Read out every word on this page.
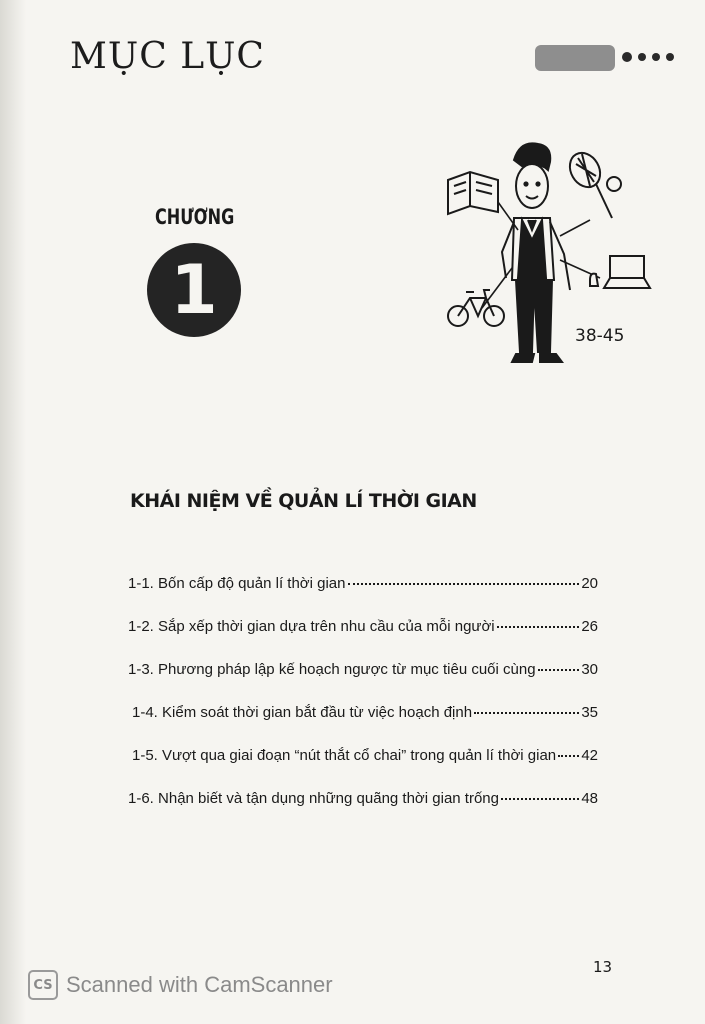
MỤC LỤC

CHƯƠNG
1
38-45
KHÁI NIỆM VỀ QUẢN LÍ THỜI GIAN
1-1. Bốn cấp độ quản lí thời gian	20
1-2. Sắp xếp thời gian dựa trên nhu cầu của mỗi người	26
1-3. Phương pháp lập kế hoạch ngược từ mục tiêu cuối cùng	30
1-4. Kiểm soát thời gian bắt đầu từ việc hoạch định	35
1-5. Vượt qua giai đoạn “nút thắt cổ chai” trong quản lí thời gian 42
1-6. Nhận biết và tận dụng những quãng thời gian trống	48
13
CS Scanned with CamScanner
